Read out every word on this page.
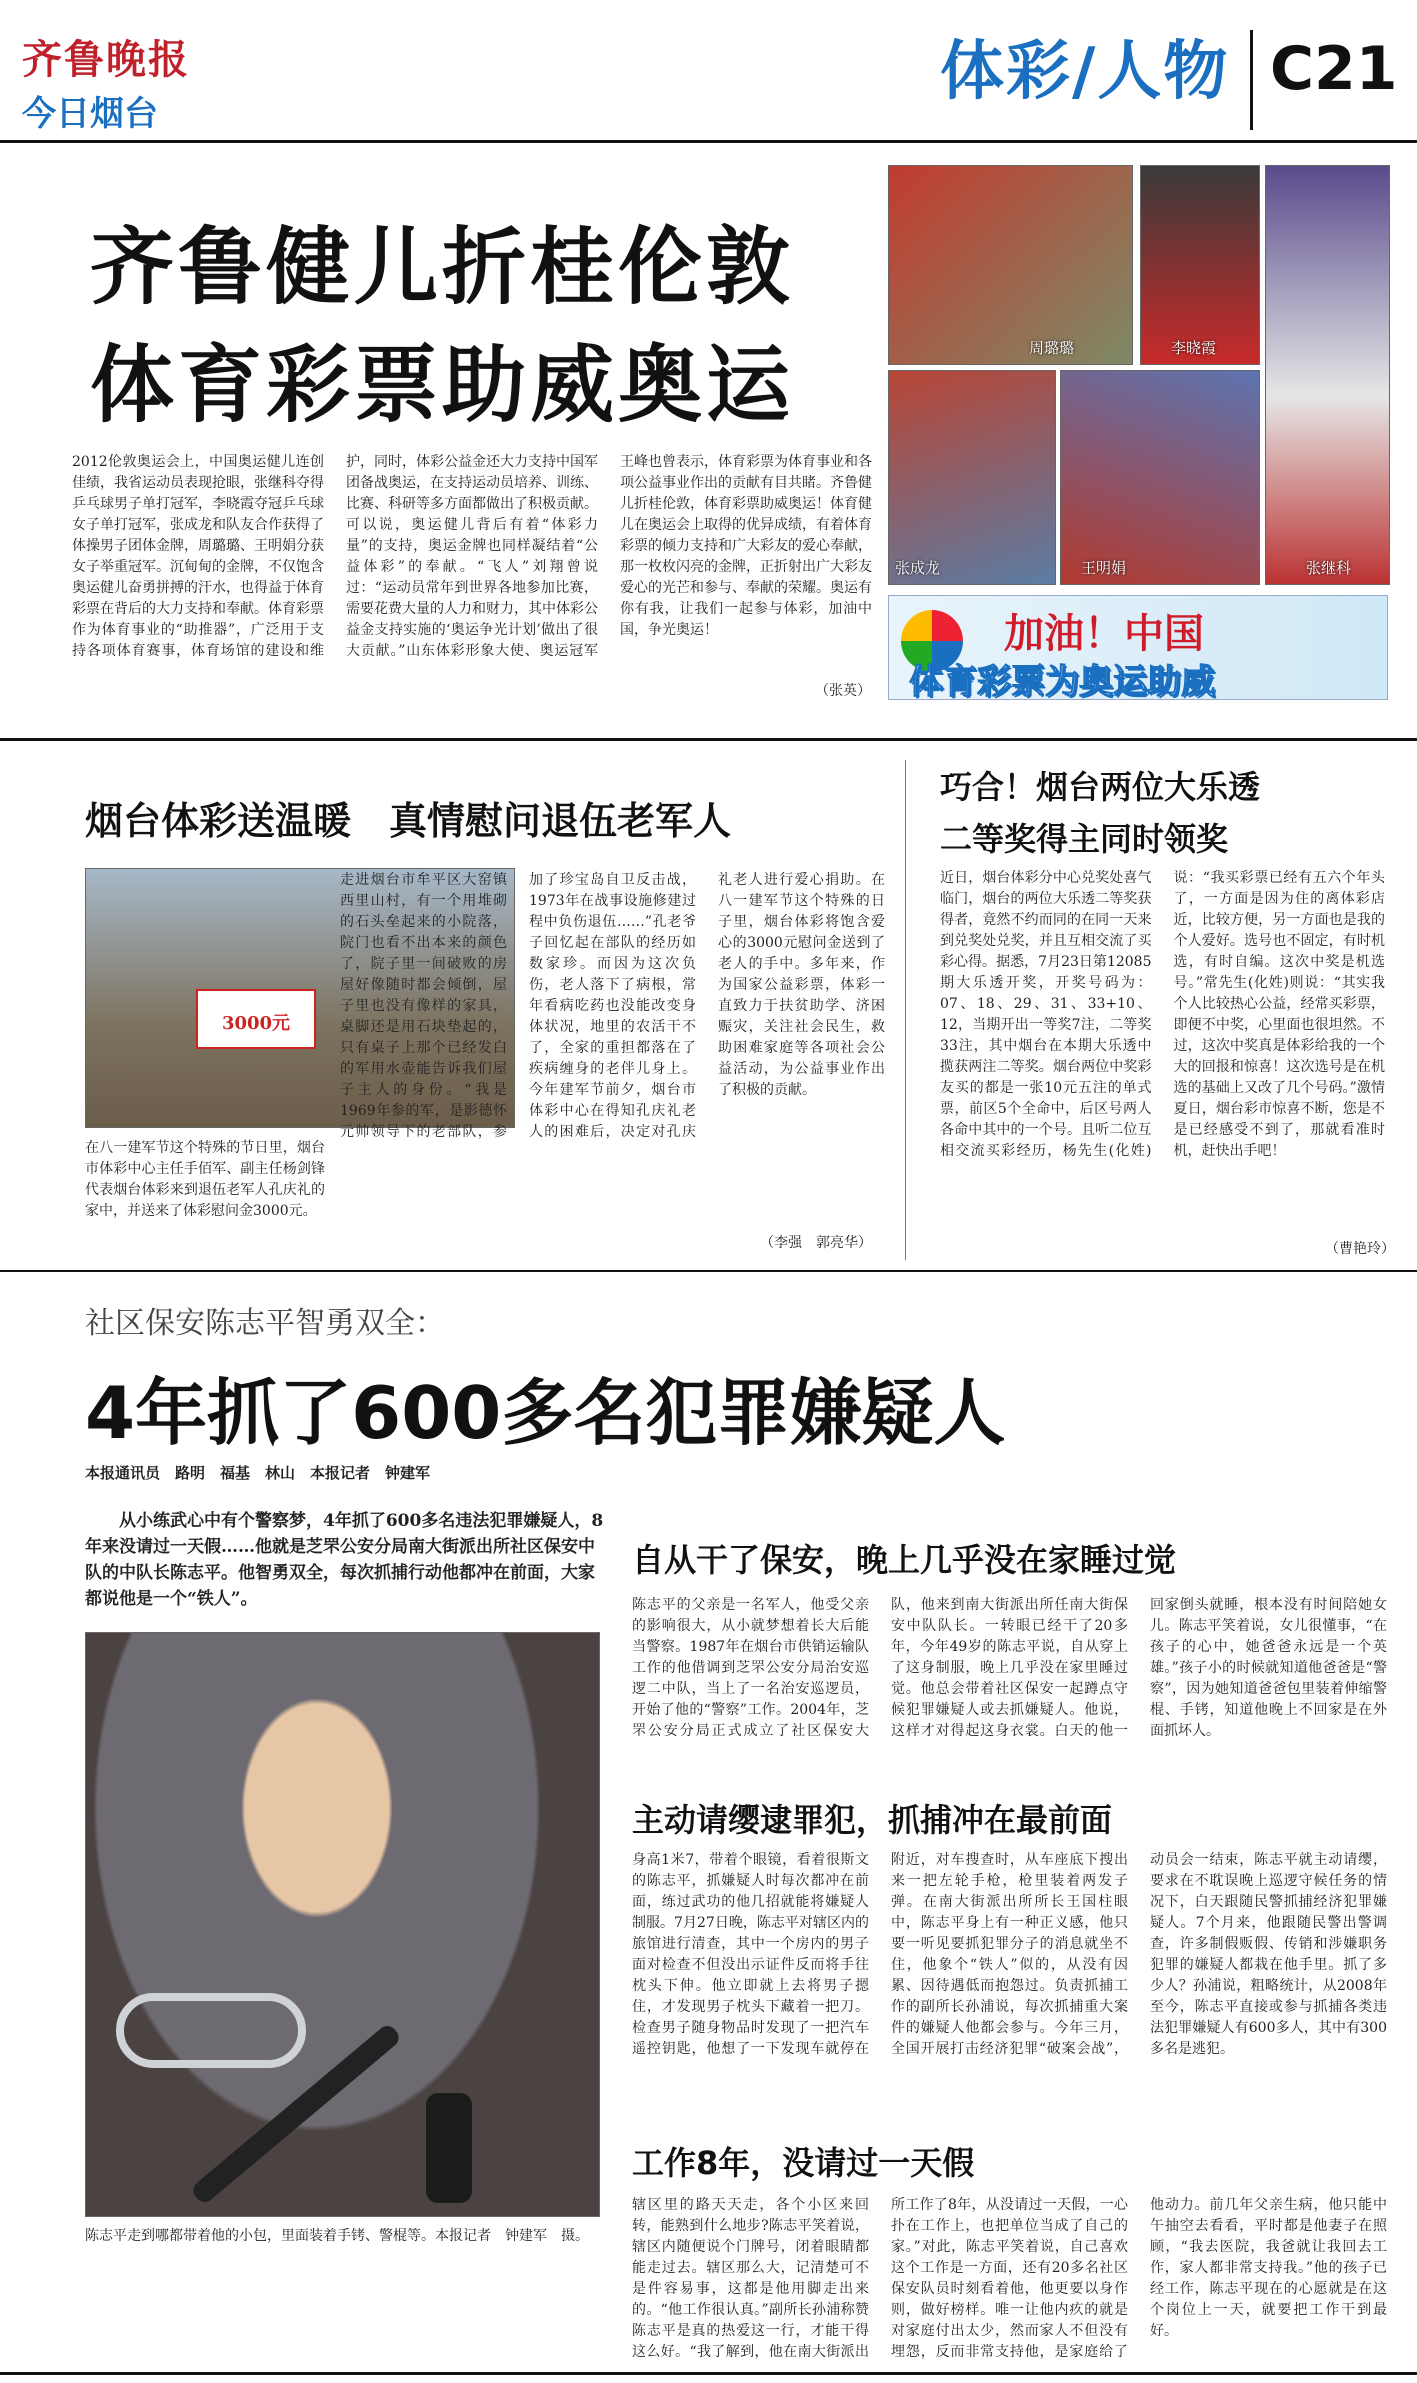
齐鲁晚报
今日烟台
体彩/人物 C21
齐鲁健儿折桂伦敦
体育彩票助威奥运
2012伦敦奥运会上，中国奥运健儿连创佳绩，我省运动员表现抢眼，张继科夺得乒乓球男子单打冠军，李晓霞夺冠乒乓球女子单打冠军，张成龙和队友合作获得了体操男子团体金牌，周璐璐、王明娟分获女子举重冠军。沉甸甸的金牌，不仅饱含奥运健儿奋勇拼搏的汗水，也得益于体育彩票在背后的大力支持和奉献。体育彩票作为体育事业的“助推器”，广泛用于支持各项体育赛事，体育场馆的建设和维护，同时，体彩公益金还大力支持中国军团备战奥运，在支持运动员培养、训练、比赛、科研等多方面都做出了积极贡献。可以说，奥运健儿背后有着“体彩力量”的支持，奥运金牌也同样凝结着“公益体彩”的奉献。“飞人”刘翔曾说过：“运动员常年到世界各地参加比赛，需要花费大量的人力和财力，其中体彩公益金支持实施的‘奥运争光计划’做出了很大贡献。”山东体彩形象大使、奥运冠军王峰也曾表示，体育彩票为体育事业和各项公益事业作出的贡献有目共睹。齐鲁健儿折桂伦敦，体育彩票助威奥运！体育健儿在奥运会上取得的优异成绩，有着体育彩票的倾力支持和广大彩友的爱心奉献，那一枚枚闪亮的金牌，正折射出广大彩友爱心的光芒和参与、奉献的荣耀。奥运有你有我，让我们一起参与体彩，加油中国，争光奥运！
（张英）
周璐璐	李晓霞
张继科
张成龙	王明娟
加油！中国
体育彩票为奥运助威
烟台体彩送温暖　真情慰问退伍老军人
3000元
在八一建军节这个特殊的节日里，烟台市体彩中心主任手佰军、副主任杨剑锋代表烟台体彩来到退伍老军人孔庆礼的家中，并送来了体彩慰问金3000元。
走进烟台市牟平区大窑镇西里山村，有一个用堆砌的石头垒起来的小院落，院门也看不出本来的颜色了，院子里一间破败的房屋好像随时都会倾倒，屋子里也没有像样的家具，桌脚还是用石块垫起的，只有桌子上那个已经发白的军用水壶能告诉我们屋子主人的身份。“我是1969年参的军，是影德怀元帅领导下的老部队，参加了珍宝岛自卫反击战，1973年在战事设施修建过程中负伤退伍……”孔老爷子回忆起在部队的经历如数家珍。而因为这次负伤，老人落下了病根，常年看病吃药也没能改变身体状况，地里的农活干不了，全家的重担都落在了疾病缠身的老伴儿身上。今年建军节前夕，烟台市体彩中心在得知孔庆礼老人的困难后，决定对孔庆礼老人进行爱心捐助。在八一建军节这个特殊的日子里，烟台体彩将饱含爱心的3000元慰问金送到了老人的手中。多年来，作为国家公益彩票，体彩一直致力于扶贫助学、济困赈灾，关注社会民生，救助困难家庭等各项社会公益活动，为公益事业作出了积极的贡献。
（李强　郭亮华）
巧合！烟台两位大乐透
二等奖得主同时领奖
近日，烟台体彩分中心兑奖处喜气临门，烟台的两位大乐透二等奖获得者，竟然不约而同的在同一天来到兑奖处兑奖，并且互相交流了买彩心得。据悉，7月23日第12085期大乐透开奖，开奖号码为：07、18、29、31、33+10、12，当期开出一等奖7注，二等奖33注，其中烟台在本期大乐透中揽获两注二等奖。烟台两位中奖彩友买的都是一张10元五注的单式票，前区5个全命中，后区号两人各命中其中的一个号。且听二位互相交流买彩经历，杨先生(化姓)说：“我买彩票已经有五六个年头了，一方面是因为住的离体彩店近，比较方便，另一方面也是我的个人爱好。选号也不固定，有时机选，有时自编。这次中奖是机选号。”常先生(化姓)则说：“其实我个人比较热心公益，经常买彩票，即便不中奖，心里面也很坦然。不过，这次中奖真是体彩给我的一个大的回报和惊喜！这次选号是在机选的基础上又改了几个号码。”激情夏日，烟台彩市惊喜不断，您是不是已经感受不到了，那就看准时机，赶快出手吧！
（曹艳玲）
社区保安陈志平智勇双全：
4年抓了600多名犯罪嫌疑人
本报通讯员　路明　福基　林山　本报记者　钟建军
从小练武心中有个警察梦，4年抓了600多名违法犯罪嫌疑人，8年来没请过一天假……他就是芝罘公安分局南大街派出所社区保安中队的中队长陈志平。他智勇双全，每次抓捕行动他都冲在前面，大家都说他是一个“铁人”。
陈志平走到哪都带着他的小包，里面装着手铐、警棍等。本报记者　钟建军　摄。
自从干了保安，晚上几乎没在家睡过觉
陈志平的父亲是一名军人，他受父亲的影响很大，从小就梦想着长大后能当警察。1987年在烟台市供销运输队工作的他借调到芝罘公安分局治安巡逻二中队，当上了一名治安巡逻员，开始了他的“警察”工作。2004年，芝罘公安分局正式成立了社区保安大队，他来到南大街派出所任南大街保安中队队长。一转眼已经干了20多年，今年49岁的陈志平说，自从穿上了这身制服，晚上几乎没在家里睡过觉。他总会带着社区保安一起蹲点守候犯罪嫌疑人或去抓嫌疑人。他说，这样才对得起这身衣裳。白天的他一回家倒头就睡，根本没有时间陪她女儿。陈志平笑着说，女儿很懂事，“在孩子的心中，她爸爸永远是一个英雄。”孩子小的时候就知道他爸爸是“警察”，因为她知道爸爸包里装着伸缩警棍、手铐，知道他晚上不回家是在外面抓坏人。
主动请缨逮罪犯，抓捕冲在最前面
身高1米7，带着个眼镜，看着很斯文的陈志平，抓嫌疑人时每次都冲在前面，练过武功的他几招就能将嫌疑人制服。7月27日晚，陈志平对辖区内的旅馆进行清查，其中一个房内的男子面对检查不但没出示证件反而将手往枕头下伸。他立即就上去将男子摁住，才发现男子枕头下藏着一把刀。检查男子随身物品时发现了一把汽车遥控钥匙，他想了一下发现车就停在附近，对车搜查时，从车座底下搜出来一把左轮手枪，枪里装着两发子弹。在南大街派出所所长王国柱眼中，陈志平身上有一种正义感，他只要一听见要抓犯罪分子的消息就坐不住，他象个“铁人”似的，从没有因累、因待遇低而抱怨过。负责抓捕工作的副所长孙浦说，每次抓捕重大案件的嫌疑人他都会参与。今年三月，全国开展打击经济犯罪“破案会战”，动员会一结束，陈志平就主动请缨，要求在不耽误晚上巡逻守候任务的情况下，白天跟随民警抓捕经济犯罪嫌疑人。7个月来，他跟随民警出警调查，许多制假贩假、传销和涉嫌职务犯罪的嫌疑人都栽在他手里。抓了多少人？孙浦说，粗略统计，从2008年至今，陈志平直接或参与抓捕各类违法犯罪嫌疑人有600多人，其中有300多名是逃犯。
工作8年，没请过一天假
辖区里的路天天走，各个小区来回转，能熟到什么地步?陈志平笑着说，辖区内随便说个门牌号，闭着眼睛都能走过去。辖区那么大，记清楚可不是件容易事，这都是他用脚走出来的。“他工作很认真。”副所长孙浦称赞陈志平是真的热爱这一行，才能干得这么好。“我了解到，他在南大街派出所工作了8年，从没请过一天假，一心扑在工作上，也把单位当成了自己的家。”对此，陈志平笑着说，自己喜欢这个工作是一方面，还有20多名社区保安队员时刻看着他，他更要以身作则，做好榜样。唯一让他内疚的就是对家庭付出太少，然而家人不但没有埋怨，反而非常支持他，是家庭给了他动力。前几年父亲生病，他只能中午抽空去看看，平时都是他妻子在照顾，“我去医院，我爸就让我回去工作，家人都非常支持我。”他的孩子已经工作，陈志平现在的心愿就是在这个岗位上一天，就要把工作干到最好。
